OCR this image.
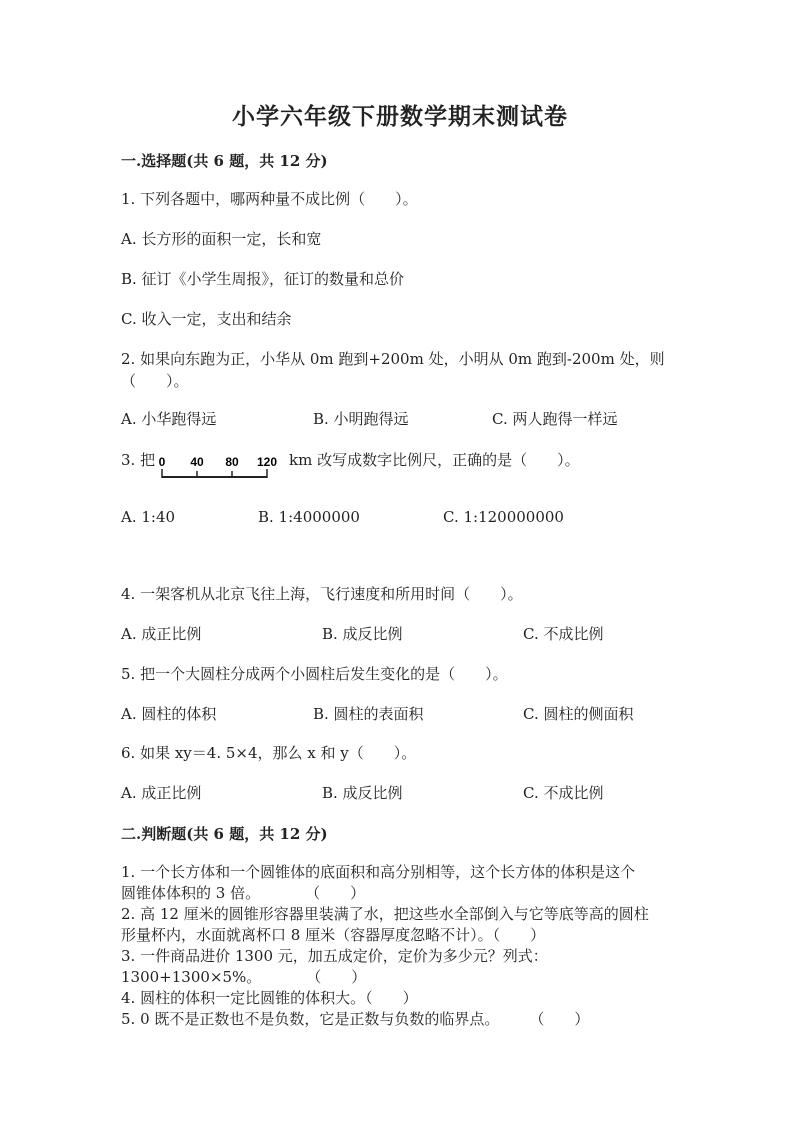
小学六年级下册数学期末测试卷
一.选择题(共 6 题，共 12 分)
1. 下列各题中，哪两种量不成比例（　　）。
A. 长方形的面积一定，长和宽
B. 征订《小学生周报》，征订的数量和总价
C. 收入一定，支出和结余
2. 如果向东跑为正，小华从 0m 跑到+200m 处，小明从 0m 跑到-200m 处，则
（　　）。
A. 小华跑得远	B. 小明跑得远	C. 两人跑得一样远
3. 把 0 40 80 120 km 改写成数字比例尺，正确的是（　　）。
A. 1:40	B. 1:4000000	C. 1:120000000
4. 一架客机从北京飞往上海，飞行速度和所用时间（　　）。
A. 成正比例	B. 成反比例	C. 不成比例
5. 把一个大圆柱分成两个小圆柱后发生变化的是（　　）。
A. 圆柱的体积	B. 圆柱的表面积	C. 圆柱的侧面积
6. 如果 xy＝4. 5×4，那么 x 和 y（　　）。
A. 成正比例	B. 成反比例	C. 不成比例
二.判断题(共 6 题，共 12 分)
1. 一个长方体和一个圆锥体的底面积和高分别相等，这个长方体的体积是这个
圆锥体体积的 3 倍。　　　　（　　）
2. 高 12 厘米的圆锥形容器里装满了水，把这些水全部倒入与它等底等高的圆柱
形量杯内，水面就离杯口 8 厘米（容器厚度忽略不计）。（　　）
3. 一件商品进价 1300 元，加五成定价，定价为多少元？列式：
1300+1300×5%。　　　　（　　）
4. 圆柱的体积一定比圆锥的体积大。（　　）
5. 0 既不是正数也不是负数，它是正数与负数的临界点。　　　（　　）
